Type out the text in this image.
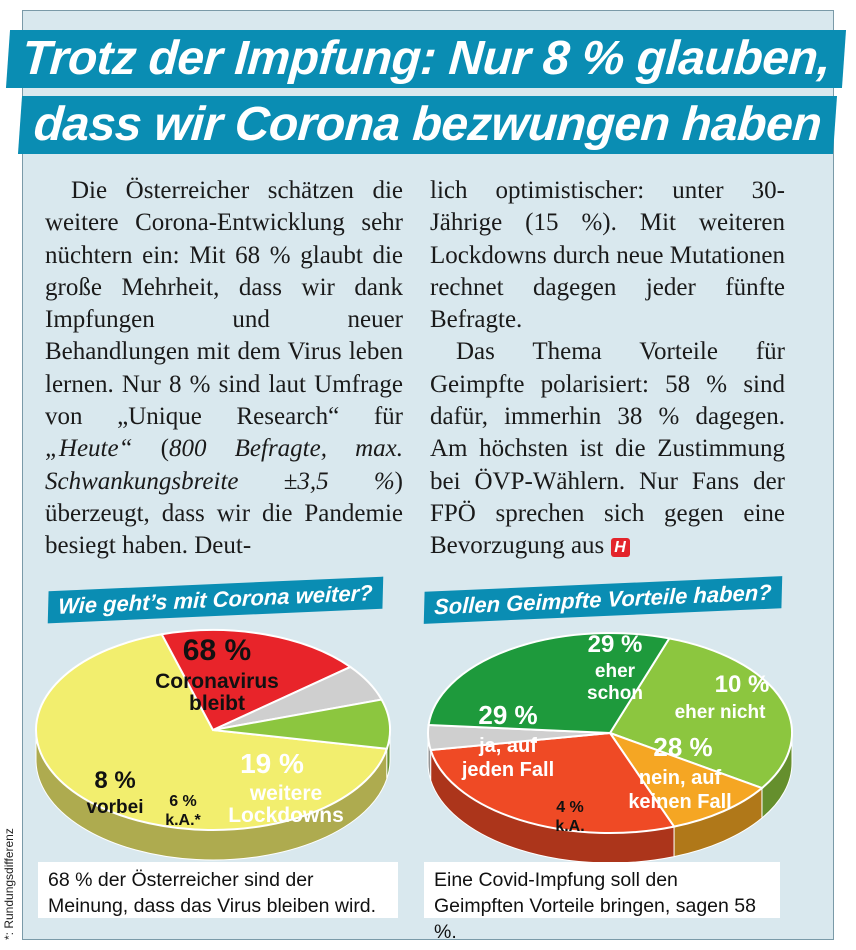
Trotz der Impfung: Nur 8 % glauben,
dass wir Corona bezwungen haben

Die Österreicher schätzen die weitere Corona-Entwicklung sehr nüchtern ein: Mit 68 % glaubt die große Mehrheit, dass wir dank Impfungen und neuer Behandlungen mit dem Virus leben lernen. Nur 8 % sind laut Umfrage von „Unique Research“ für „Heute“ (800 Befragte, max. Schwankungsbreite ±3,5 %) überzeugt, dass wir die Pandemie besiegt haben. Deut-

lich optimistischer: unter 30-Jährige (15 %). Mit weiteren Lockdowns durch neue Mutationen rechnet dagegen jeder fünfte Befragte.

Das Thema Vorteile für Geimpfte polarisiert: 58 % sind dafür, immerhin 38 % dagegen. Am höchsten ist die Zustimmung bei ÖVP-Wählern. Nur Fans der FPÖ sprechen sich gegen eine Bevorzugung aus H

68 %
Coronavirus bleibt
19 %
weitere Lockdowns
6 % k.A.*
8 % vorbei
29 %
eher schon	10 %
eher nicht
28 %
nein, auf keinen Fall
4 % k.A.
29 %
ja, auf jeden Fall
Wie geht’s mit Corona weiter?	Sollen Geimpfte Vorteile haben?
68 % der Österreicher sind der Meinung, dass das Virus bleiben wird.
Eine Covid-Impfung soll den Geimpften Vorteile bringen, sagen 58 %.
*: Rundungsdifferenz
